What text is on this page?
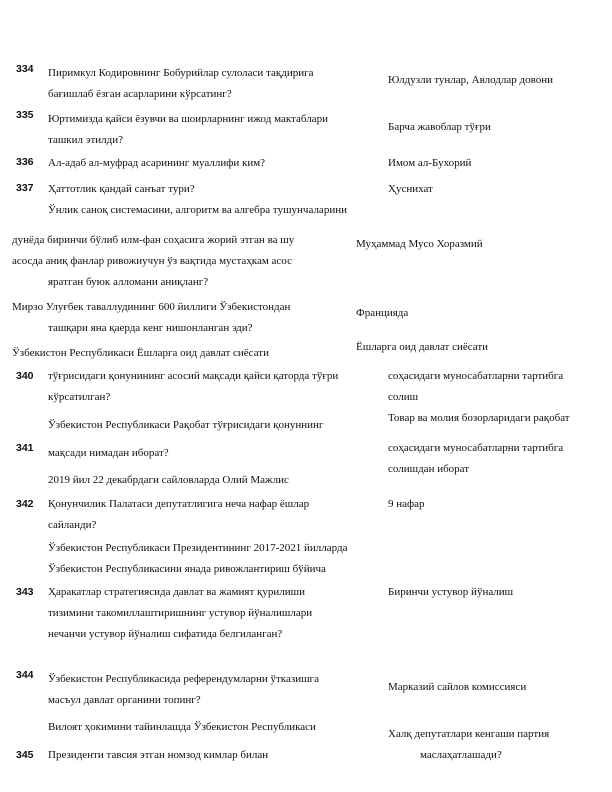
334 Пиримкул Кодировнинг Бобурийлар сулоласи тақдирига
бағишлаб ёзган асарларини кўрсатинг?
Юлдузли тунлар, Авлодлар довони
335 Юртимизда қайси ёзувчи ва шоирларнинг ижод мактаблари
ташкил этилди?
Барча жавоблар тўғри
336 Ал-адаб ал-муфрад асарининг муаллифи ким?	Имом ал-Бухорий
337 Ҳаттотлик қандай санъат тури?
Ўнлик саноқ системасини, алгоритм ва алгебра тушунчаларини
Ҳуснихат
дунёда биринчи бўлиб илм-фан соҳасига жорий этган ва шу
асосда аниқ фанлар ривожиучун ўз вақтида мустаҳкам асос
яратган буюк алломани аниқланг?
Муҳаммад Мусо Хоразмий
Мирзо Улуғбек таваллудининг 600 йиллиги Ўзбекистондан
ташқари яна қаерда кенг нишонланган эди?
Ўзбекистон Республикаси Ёшларга оид давлат сиёсати
Францияда
Ёшларга оид давлат сиёсати
340 тўғрисидаги қонунининг асосий мақсади қайси қаторда тўғри
кўрсатилган?
Ўзбекистон Республикаси Рақобат тўғрисидаги қонуннинг
соҳасидаги муносабатларни тартибга
солиш
Товар ва молия бозорларидаги рақобат
341 мақсади нимадан иборат?
2019 йил 22 декабрдаги сайловларда Олий Мажлис
соҳасидаги муносабатларни тартибга
солишдан иборат
342 Қонунчилик Палатаси депутатлигига неча нафар ёшлар
сайланди?
Ўзбекистон Республикаси Президентининг 2017-2021 йилларда
9 нафар
343
Ўзбекистон Республикасини янада ривожлантириш бўйича
Ҳаракатлар стратегиясида давлат ва жамият қурилиши
тизимини такомиллаштиришнинг устувор йўналишлари
нечанчи устувор йўналиш сифатида белгиланган?
Биринчи устувор йўналиш
344 Ўзбекистон Республикасида референдумларни ўтказишга
масъул давлат органини топинг?
Вилоят ҳокимини тайинлашда Ўзбекистон Республикаси
Марказий сайлов комиссияси
345 Президенти тавсия этган номзод кимлар билан
Халқ депутатлари кенгаши партия
маслаҳатлашади?
